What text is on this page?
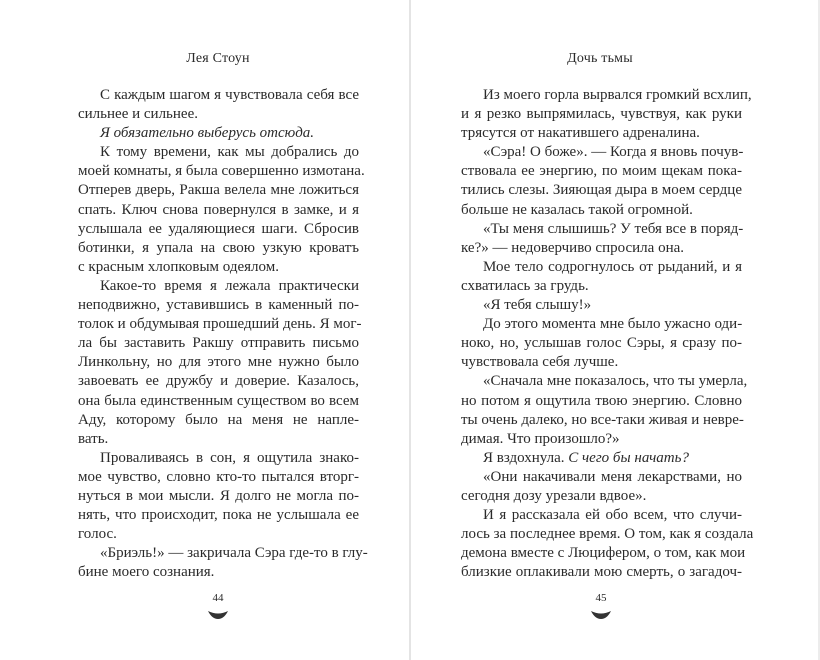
Лея Стоун
С каждым шагом я чувствовала себя все
сильнее и сильнее.
Я обязательно выберусь отсюда.
К тому времени, как мы добрались до
моей комнаты, я была совершенно измотана.
Отперев дверь, Ракша велела мне ложиться
спать. Ключ снова повернулся в замке, и я
услышала ее удаляющиеся шаги. Сбросив
ботинки, я упала на свою узкую кроватъ
с красным хлопковым одеялом.
Какое-то время я лежала практически
неподвижно, уставившись в каменный по-
толок и обдумывая прошедший день. Я мог-
ла бы заставить Ракшу отправить письмо
Линкольну, но для этого мне нужно было
завоевать ее дружбу и доверие. Казалось,
она была единственным существом во всем
Аду, которому было на меня не напле-
вать.
Проваливаясь в сон, я ощутила знако-
мое чувство, словно кто-то пытался вторг-
нуться в мои мысли. Я долго не могла по-
нять, что происходит, пока не услышала ее
голос.
«Бриэль!» — закричала Сэра где-то в глу-
бине моего сознания.
44
Дочь тьмы
Из моего горла вырвался громкий всхлип,
и я резко выпрямилась, чувствуя, как руки
трясутся от накатившего адреналина.
«Сэра! О боже». — Когда я вновь почув-
ствовала ее энергию, по моим щекам пока-
тились слезы. Зияющая дыра в моем сердце
больше не казалась такой огромной.
«Ты меня слышишь? У тебя все в поряд-
ке?» — недоверчиво спросила она.
Мое тело содрогнулось от рыданий, и я
схватилась за грудь.
«Я тебя слышу!»
До этого момента мне было ужасно оди-
ноко, но, услышав голос Сэры, я сразу по-
чувствовала себя лучше.
«Сначала мне показалось, что ты умерла,
но потом я ощутила твою энергию. Словно
ты очень далеко, но все-таки живая и невре-
димая. Что произошло?»
Я вздохнула. С чего бы начать?
«Они накачивали меня лекарствами, но
сегодня дозу урезали вдвое».
И я рассказала ей обо всем, что случи-
лось за последнее время. О том, как я создала
демона вместе с Люцифером, о том, как мои
близкие оплакивали мою смерть, о загадоч-
45
